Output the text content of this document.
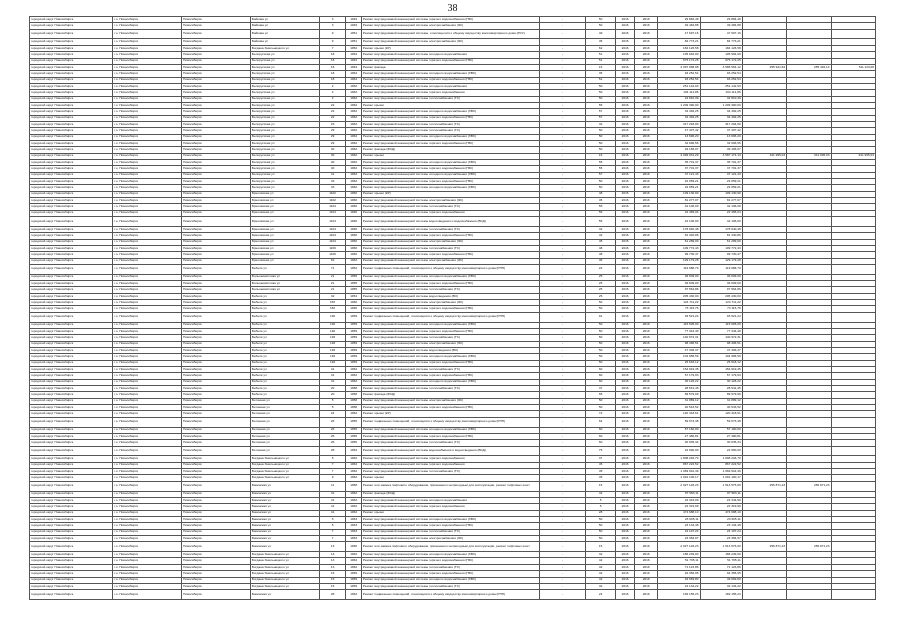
38
городской округ Новосибирск	г.о. Новосибирск	Новосибирск	Байкова ул	3	1949	Ремонт внутридомовой инженерной системы горячего водоснабжения (ГВС)	-	50	2016	2016	29 884,49	29 884,49			
городской округ Новосибирск	г.о. Новосибирск	Новосибирск	Байкова ул	3	1949	Ремонт внутридомовой инженерной системы электроснабжения (ЭС)	-	50	2016	2016	49 484,88	49 484,88			
городской округ Новосибирск	г.о. Новосибирск	Новосибирск	Байкова ул	9	1951	Ремонт внутридомовой инженерной системы, относящегося к общему имуществу многоквартирного дома (РСУ)	-	49	2016	2016	47 697,16	47 697,16			
городской округ Новосибирск	г.о. Новосибирск	Новосибирск	Байкова ул	9	1951	Ремонт внутридомовой инженерной системы электроснабжения (ЭС)	-	45	2016	2016	84 773,21	84 773,21			
городской округ Новосибирск	г.о. Новосибирск	Новосибирск	Богдана Хмельницкого ул	7	1952	Ремонт крыши (КР)	-	62	2016	2016	184 126,58	184 126,58			
городской округ Новосибирск	г.о. Новосибирск	Новосибирск	Белорусская ул	18	1964	Ремонт внутридомовой инженерной системы холодного водоснабжения	-	51	2016	2016	105 994,00	105 994,00			
городской округ Новосибирск	г.о. Новосибирск	Новосибирск	Белорусская ул	18	1964	Ремонт внутридомовой инженерной системы горячего водоснабжения (ГВС)	-	51	2016	2016	675 172,25	675 172,25			
городской округ Новосибирск	г.о. Новосибирск	Новосибирск	Белорусская ул	18	1964	Ремонт фасада	-	16	2016	2016	4 097 098,98	3 585 594,12	255 941,84	255 492,14	511 123,08
городской округ Новосибирск	г.о. Новосибирск	Новосибирск	Белорусская ул	18	1964	Ремонт внутридомовой инженерной системы холодного водоснабжения (ХВС)	-	35	2016	2016	93 252,54	93 252,54			
городской округ Новосибирск	г.о. Новосибирск	Новосибирск	Белорусская ул	18	1964	Ремонт внутридомовой инженерной системы горячего водоснабжения (ГВС)	-	51	2016	2016	93 252,54	93 252,54			
городской округ Новосибирск	г.о. Новосибирск	Новосибирск	Белорусская ул	2	1962	Ремонт внутридомовой инженерной системы холодного водоснабжения	-	50	2016	2016	251 142,93	251 142,93			
городской округ Новосибирск	г.о. Новосибирск	Новосибирск	Белорусская ул	2	1962	Ремонт внутридомовой инженерной системы горячего водоснабжения	-	50	2016	2016	104 114,86	104 114,86			
городской округ Новосибирск	г.о. Новосибирск	Новосибирск	Белорусская ул	2	1962	Ремонт внутридомовой инженерной системы теплоснабжения (ТС)	-	50	2016	2016	42 810,39	42 810,39			
городской округ Новосибирск	г.о. Новосибирск	Новосибирск	Белорусская ул	22	1962	Ремонт крыши	-	55	2016	2016	1 209 390,00	1 209 390,00			
городской округ Новосибирск	г.о. Новосибирск	Новосибирск	Белорусская ул	22	1962	Ремонт внутридомовой инженерной системы холодного водоснабжения (ХВС)	-	57	2016	2016	34 492,25	34 492,25			
городской округ Новосибирск	г.о. Новосибирск	Новосибирск	Белорусская ул	22	1962	Ремонт внутридомовой инженерной системы горячего водоснабжения (ГВС)	-	57	2016	2016	34 492,25	34 492,25			
городской округ Новосибирск	г.о. Новосибирск	Новосибирск	Белорусская ул	23	1962	Ремонт внутридомовой инженерной системы теплоснабжения (ТС)	-	42	2016	2016	317 294,00	317 294,00			
городской округ Новосибирск	г.о. Новосибирск	Новосибирск	Белорусская ул	29	1962	Ремонт внутридомовой инженерной системы теплоснабжения (ТС)	-	50	2016	2016	47 407,42	47 407,42			
городской округ Новосибирск	г.о. Новосибирск	Новосибирск	Белорусская ул	29	1962	Ремонт внутридомовой инженерной системы холодного водоснабжения (ХВС)	-	50	2016	2016	13 696,20	13 696,20			
городской округ Новосибирск	г.о. Новосибирск	Новосибирск	Белорусская ул	29	1962	Ремонт внутридомовой инженерной системы горячего водоснабжения (ГВС)	-	50	2016	2016	32 696,56	32 696,56			
городской округ Новосибирск	г.о. Новосибирск	Новосибирск	Белорусская ул	30	1962	Ремонт фасада (ФСД)	-	50	2016	2016	49 165,07	49 165,07			
городской округ Новосибирск	г.о. Новосибирск	Новосибирск	Белорусская ул	30	1962	Ремонт крыши	-	16	2016	2016	4 099 031,29	3 587 174,13	341 995,03	341 995,03	341 995,03
городской округ Новосибирск	г.о. Новосибирск	Новосибирск	Белорусская ул	40	1962	Ремонт внутридомовой инженерной системы холодного водоснабжения (ХВС)	-	55	2016	2016	35 701,37	35 701,37			
городской округ Новосибирск	г.о. Новосибирск	Новосибирск	Белорусская ул	40	1962	Ремонт внутридомовой инженерной системы горячего водоснабжения (ГВС)	-	55	2016	2016	37 701,37	37 701,37			
городской округ Новосибирск	г.о. Новосибирск	Новосибирск	Белорусская ул	41	1962	Ремонт внутридомовой инженерной системы холодного водоснабжения (ХВС)	-	57	2016	2016	37 121,43	37 121,43			
городской округ Новосибирск	г.о. Новосибирск	Новосибирск	Белорусская ул	43	1962	Ремонт внутридомовой инженерной системы горячего водоснабжения (ГВС)	-	50	2016	2016	22 059,21	22 059,21			
городской округ Новосибирск	г.о. Новосибирск	Новосибирск	Белорусская ул	43	1962	Ремонт внутридомовой инженерной системы холодного водоснабжения (ХВС)	-	50	2016	2016	22 059,21	22 059,21			
городской округ Новосибирск	г.о. Новосибирск	Новосибирск	Брюсовская ул	1102	1960	Ремонт крыши (КР)	-	48	2016	2016	109 130,90	109 130,90			
городской округ Новосибирск	г.о. Новосибирск	Новосибирск	Брюсовская ул	1102	1960	Ремонт внутридомовой инженерной системы электроснабжения (ЭС)	-	45	2016	2016	81 277,07	81 277,07			
городской округ Новосибирск	г.о. Новосибирск	Новосибирск	Брюсовская ул	1104	1960	Ремонт внутридомовой инженерной системы теплоснабжения (ТС)	-	55	2016	2016	42 106,00	42 106,00			
городской округ Новосибирск	г.о. Новосибирск	Новосибирск	Брюсовская ул	1104	1960	Ремонт внутридомовой инженерной системы горячего водоснабжения	-	55	2016	2016	22 465,04	22 465,04			
городской округ Новосибирск	г.о. Новосибирск	Новосибирск	Брюсовская ул	1104	1960	Ремонт внутридомовой инженерной системы водоотведения и водоснабжения (ВСД)	-	55	2016	2016	42 106,00	42 106,00			
городской округ Новосибирск	г.о. Новосибирск	Новосибирск	Брюсовская ул	1104	1960	Ремонт внутридомовой инженерной системы теплоснабжения (ТС)	-	42	2016	2016	178 640,48	178 640,48			
городской округ Новосибирск	г.о. Новосибирск	Новосибирск	Брюсовская ул	1104	1960	Ремонт внутридомовой инженерной системы горячего водоснабжения (ГВС)	-	42	2016	2016	81 340,86	81 340,86			
городской округ Новосибирск	г.о. Новосибирск	Новосибирск	Брюсовская ул	1104	1960	Ремонт внутридомовой инженерной системы электроснабжения (ЭС)	-	45	2016	2016	61 289,00	61 289,00			
городской округ Новосибирск	г.о. Новосибирск	Новосибирск	Брюсовская ул	1106	1960	Ремонт внутридомовой инженерной системы теплоснабжения (ТС)	-	48	2016	2016	109 772,43	109 772,43			
городской округ Новосибирск	г.о. Новосибирск	Новосибирск	Брюсовская ул	1106	1960	Ремонт внутридомовой инженерной системы горячего водоснабжения (ГВС)	-	48	2016	2016	99 730,47	99 730,47			
городской округ Новосибирск	г.о. Новосибирск	Новосибирск	Брюсовская ул	62	1962	Ремонт внутридомовой инженерной системы электроснабжения (ЭС)	-	45	2016	2016	129 179,28	129 179,28			
городской округ Новосибирск	г.о. Новосибирск	Новосибирск	Бебеля ул	71	1952	Ремонт подвальных помещений, относящихся к общему имуществу многоквартирного дома (РПП)	-	22	2016	2016	119 088,70	119 088,70			
городской округ Новосибирск	г.о. Новосибирск	Новосибирск	Большевистская ул	21	1955	Ремонт внутридомовой инженерной системы холодного водоснабжения (ХВС)	-	25	2016	2016	36 609,00	36 609,00			
городской округ Новосибирск	г.о. Новосибирск	Новосибирск	Большевистская ул	21	1955	Ремонт внутридомовой инженерной системы горячего водоснабжения (ГВС)	-	25	2016	2016	36 609,00	36 609,00			
городской округ Новосибирск	г.о. Новосибирск	Новосибирск	Большевистская ул	21	1955	Ремонт внутридомовой инженерной системы теплоснабжения (ТС)	-	25	2016	2016	97 564,86	97 564,86			
городской округ Новосибирск	г.о. Новосибирск	Новосибирск	Бебеля ул	32	1954	Ремонт внутридомовой инженерной системы водоотведения (ВО)	-	25	2016	2016	205 430,00	205 430,00			
городской округ Новосибирск	г.о. Новосибирск	Новосибирск	Бебеля ул	15б	1960	Ремонт внутридомовой инженерной системы электроснабжения (ЭС)	-	50	2016	2016	124 711,22	124 711,22			
городской округ Новосибирск	г.о. Новосибирск	Новосибирск	Бебеля ул	15б	1960	Ремонт внутридомовой инженерной системы горячего водоснабжения (ГВС)	-	50	2016	2016	73 115,76	73 115,76			
городской округ Новосибирск	г.о. Новосибирск	Новосибирск	Бебеля ул	192	1959	Ремонт подвальных помещений, относящихся к общему имуществу многоквартирного дома (РПП)	-	91	2016	2016	93 521,24	93 521,24			
городской округ Новосибирск	г.о. Новосибирск	Новосибирск	Бебеля ул	192	1959	Ремонт внутридомовой инженерной системы холодного водоснабжения (ХВС)	-	50	2016	2016	115 605,00	115 605,00			
городской округ Новосибирск	г.о. Новосибирск	Новосибирск	Бебеля ул	192	1959	Ремонт внутридомовой инженерной системы горячего водоснабжения (ГВС)	-	50	2016	2016	77 344,40	77 344,40			
городской округ Новосибирск	г.о. Новосибирск	Новосибирск	Бебеля ул	193	1959	Ремонт внутридомовой инженерной системы теплоснабжения (ТС)	-	50	2016	2016	140 972,31	140 972,31			
городской округ Новосибирск	г.о. Новосибирск	Новосибирск	Бебеля ул	193	1959	Ремонт внутридомовой инженерной системы электроснабжения (ЭС)	-	50	2016	2016	98 496,51	98 496,51			
городской округ Новосибирск	г.о. Новосибирск	Новосибирск	Бебеля ул	193	1959	Ремонт внутридомовой инженерной системы водоотведения (ВО)	-	50	2016	2016	47 306,37	47 306,37			
городской округ Новосибирск	г.о. Новосибирск	Новосибирск	Бебеля ул	194	1959	Ремонт внутридомовой инженерной системы холодного водоснабжения (ХВС)	-	50	2016	2016	104 986,59	104 986,59			
городской округ Новосибирск	г.о. Новосибирск	Новосибирск	Бебеля ул	194	1959	Ремонт внутридомовой инженерной системы горячего водоснабжения (ГВС)	-	50	2016	2016	25 618,12	25 618,12			
городской округ Новосибирск	г.о. Новосибирск	Новосибирск	Бебеля ул	41	1962	Ремонт внутридомовой инженерной системы теплоснабжения (ТС)	-	60	2016	2016	154 919,45	154 919,45			
городской округ Новосибирск	г.о. Новосибирск	Новосибирск	Бебеля ул	41	1962	Ремонт внутридомовой инженерной системы горячего водоснабжения (ГВС)	-	60	2016	2016	67 179,93	67 179,93			
городской округ Новосибирск	г.о. Новосибирск	Новосибирск	Бебеля ул	41	1962	Ремонт внутридомовой инженерной системы холодного водоснабжения (ХВС)	-	60	2016	2016	30 126,22	30 126,22			
городской округ Новосибирск	г.о. Новосибирск	Новосибирск	Бебеля ул	20	1958	Ремонт внутридомовой инженерной системы теплоснабжения (ТС)	-	47	2016	2016	28 541,45	28 541,45			
городской округ Новосибирск	г.о. Новосибирск	Новосибирск	Бебеля ул	20	1958	Ремонт фасада (ФСД)	-	65	2016	2016	89 579,99	89 579,99			
городской округ Новосибирск	г.о. Новосибирск	Новосибирск	Бетонная ул	5	1958	Ремонт внутридомовой инженерной системы электроснабжения (ЭС)	-	50	2016	2016	31 889,12	31 889,12			
городской округ Новосибирск	г.о. Новосибирск	Новосибирск	Бетонная ул	5	1958	Ремонт внутридомовой инженерной системы горячего водоснабжения (ГВС)	-	50	2016	2016	40 543,52	40 543,52			
городской округ Новосибирск	г.о. Новосибирск	Новосибирск	Бетонная ул	24	1952	Ремонт крыши (КР)	-	72	2016	2016	120 418,61	120 418,61			
городской округ Новосибирск	г.о. Новосибирск	Новосибирск	Бетонная ул	26	1955	Ремонт подвальных помещений, относящихся к общему имуществу многоквартирного дома (РПП)	-	64	2016	2016	59 673,48	59 673,48			
городской округ Новосибирск	г.о. Новосибирск	Новосибирск	Бетонная ул	26	1955	Ремонт внутридомовой инженерной системы холодного водоснабжения (ХВС)	-	60	2016	2016	57 160,00	57 160,00			
городской округ Новосибирск	г.о. Новосибирск	Новосибирск	Бетонная ул	26	1955	Ремонт внутридомовой инженерной системы горячего водоснабжения (ГВС)	-	60	2016	2016	27 480,81	27 480,81			
городской округ Новосибирск	г.о. Новосибирск	Новосибирск	Бетонная ул	26	1955	Ремонт внутридомовой инженерной системы теплоснабжения (ТС)	-	60	2016	2016	30 035,34	30 035,34			
городской округ Новосибирск	г.о. Новосибирск	Новосибирск	Бетонная ул	28	1954	Ремонт внутридомовой инженерной системы водоснабжения и водоотведения (ВСД)	-	75	2016	2016	22 990,00	22 990,00			
городской округ Новосибирск	г.о. Новосибирск	Новосибирск	Богдана Хмельницкого ул	5	1962	Ремонт внутридомовой инженерной системы горячего водоснабжения	-	47	2016	2016	1 808 246,70	1 808 246,70			
городской округ Новосибирск	г.о. Новосибирск	Новосибирск	Богдана Хмельницкого ул	7	1962	Ремонт внутридомовой инженерной системы горячего водоснабжения	-	45	2016	2016	867 222,52	867 222,52			
городской округ Новосибирск	г.о. Новосибирск	Новосибирск	Богдана Хмельницкого ул	7	1962	Ремонт внутридомовой инженерной системы теплоснабжения (ТС)	-	45	2016	2016	1 069 942,49	1 069 942,49			
городской округ Новосибирск	г.о. Новосибирск	Новосибирск	Богдана Хмельницкого ул	9	1962	Ремонт крыши	-	45	2016	2016	1 091 100,17	1 091 100,17			
городской округ Новосибирск	г.о. Новосибирск	Новосибирск	Бакинская ул	11	1958	Ремонт или замена лифтового оборудования, признанного непригодным для эксплуатации, ремонт лифтовых шахт	-	15	2016	2016	2 027 146,23	1 513 575,00	256 871,23	256 871,23	
городской округ Новосибирск	г.о. Новосибирск	Новосибирск	Бакинская ул	41	1962	Ремонт фасада (ФСД)	-	42	2016	2016	87 583,11	87 583,11			
городской округ Новосибирск	г.о. Новосибирск	Новосибирск	Бакинская ул	41	1962	Ремонт внутридомовой инженерной системы холодного водоснабжения	-	5	2016	2016	22 344,99	22 344,99			
городской округ Новосибирск	г.о. Новосибирск	Новосибирск	Бакинская ул	41	1962	Ремонт внутридомовой инженерной системы горячего водоснабжения	-	5	2016	2016	22 319,99	22 319,99			
городской округ Новосибирск	г.о. Новосибирск	Новосибирск	Бакинская ул	41	1962	Ремонт крыши	-	28	2016	2016	474 688,10	474 688,10			
городской округ Новосибирск	г.о. Новосибирск	Новосибирск	Бакинская ул	5	1963	Ремонт внутридомовой инженерной системы холодного водоснабжения (ХВС)	-	50	2016	2016	23 605,11	23 605,11			
городской округ Новосибирск	г.о. Новосибирск	Новосибирск	Бакинская ул	5	1963	Ремонт внутридомовой инженерной системы горячего водоснабжения (ГВС)	-	50	2016	2016	23 134,48	23 134,48			
городской округ Новосибирск	г.о. Новосибирск	Новосибирск	Бакинская ул	7	1963	Ремонт внутридомовой инженерной системы теплоснабжения (ТС)	-	50	2016	2016	24 197,24	24 197,24			
городской округ Новосибирск	г.о. Новосибирск	Новосибирск	Бакинская ул	7	1963	Ремонт внутридомовой инженерной системы электроснабжения (ЭС)	-	50	2016	2016	23 384,97	23 384,97			
городской округ Новосибирск	г.о. Новосибирск	Новосибирск	Бакинская ул	13	1960	Ремонт или замена лифтового оборудования, признанного непригодным для эксплуатации, ремонт лифтовых шахт	-	15	2016	2016	2 027 146,23	1 513 575,00	256 871,23	256 871,23	
городской округ Новосибирск	г.о. Новосибирск	Новосибирск	Богдана Хмельницкого ул	13	1962	Ремонт внутридомовой инженерной системы холодного водоснабжения (ХВС)	-	42	2016	2016	186 239,00	186 239,00			
городской округ Новосибирск	г.о. Новосибирск	Новосибирск	Богдана Хмельницкого ул	13	1962	Ремонт внутридомовой инженерной системы горячего водоснабжения (ГВС)	-	42	2016	2016	51 795,11	51 795,11			
городской округ Новосибирск	г.о. Новосибирск	Новосибирск	Богдана Хмельницкого ул	13	1962	Ремонт внутридомовой инженерной системы теплоснабжения (ТС)	-	42	2016	2016	71 123,86	71 123,86			
городской округ Новосибирск	г.о. Новосибирск	Новосибирск	Богдана Хмельницкого ул	15	1959	Ремонт внутридомовой инженерной системы горячего водоснабжения (ГВС)	-	42	2016	2016	94 356,95	94 356,95			
городской округ Новосибирск	г.о. Новосибирск	Новосибирск	Богдана Хмельницкого ул	15	1959	Ремонт внутридомовой инженерной системы холодного водоснабжения (ХВС)	-	42	2016	2016	49 669,80	49 669,80			
городской округ Новосибирск	г.о. Новосибирск	Новосибирск	Богдана Хмельницкого ул	15	1959	Ремонт внутридомовой инженерной системы теплоснабжения (ТС)	-	42	2016	2016	42 134,22	42 134,22			
городской округ Новосибирск	г.о. Новосибирск	Новосибирск	Бакинская ул	28	1962	Ремонт подвальных помещений, относящихся к общему имуществу многоквартирного дома (РПП)	-	24	2016	2016	169 155,23	169 155,23			
